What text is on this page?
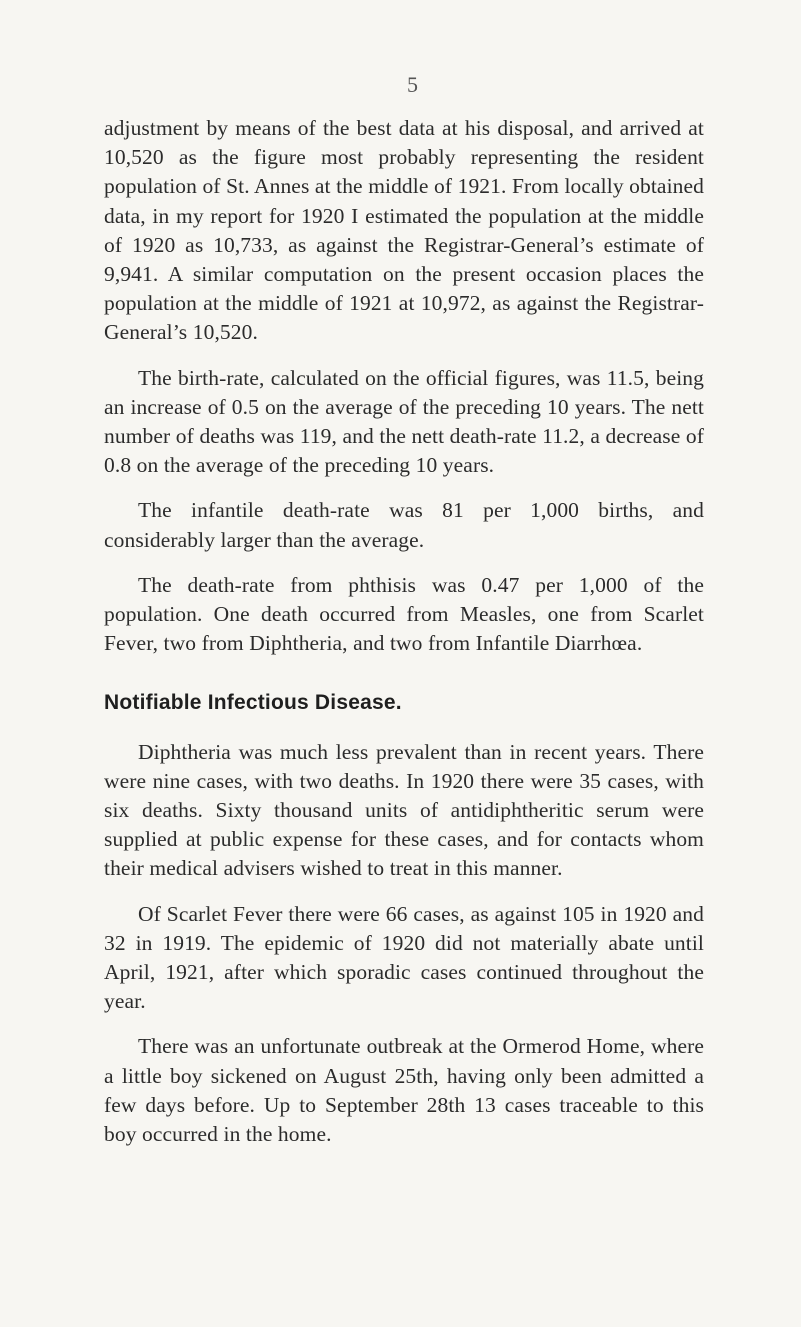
5

adjustment by means of the best data at his disposal, and arrived at 10,520 as the figure most probably representing the resident population of St. Annes at the middle of 1921. From locally obtained data, in my report for 1920 I estimated the population at the middle of 1920 as 10,733, as against the Registrar-General’s estimate of 9,941. A similar computation on the present occasion places the population at the middle of 1921 at 10,972, as against the Registrar-General’s 10,520.

The birth-rate, calculated on the official figures, was 11.5, being an increase of 0.5 on the average of the preceding 10 years. The nett number of deaths was 119, and the nett death-rate 11.2, a decrease of 0.8 on the average of the preceding 10 years.

The infantile death-rate was 81 per 1,000 births, and considerably larger than the average.

The death-rate from phthisis was 0.47 per 1,000 of the population. One death occurred from Measles, one from Scarlet Fever, two from Diphtheria, and two from Infantile Diarrhœa.

Notifiable Infectious Disease.

Diphtheria was much less prevalent than in recent years. There were nine cases, with two deaths. In 1920 there were 35 cases, with six deaths. Sixty thousand units of antidiphtheritic serum were supplied at public expense for these cases, and for contacts whom their medical advisers wished to treat in this manner.

Of Scarlet Fever there were 66 cases, as against 105 in 1920 and 32 in 1919. The epidemic of 1920 did not materially abate until April, 1921, after which sporadic cases continued throughout the year.

There was an unfortunate outbreak at the Ormerod Home, where a little boy sickened on August 25th, having only been admitted a few days before. Up to September 28th 13 cases traceable to this boy occurred in the home.
